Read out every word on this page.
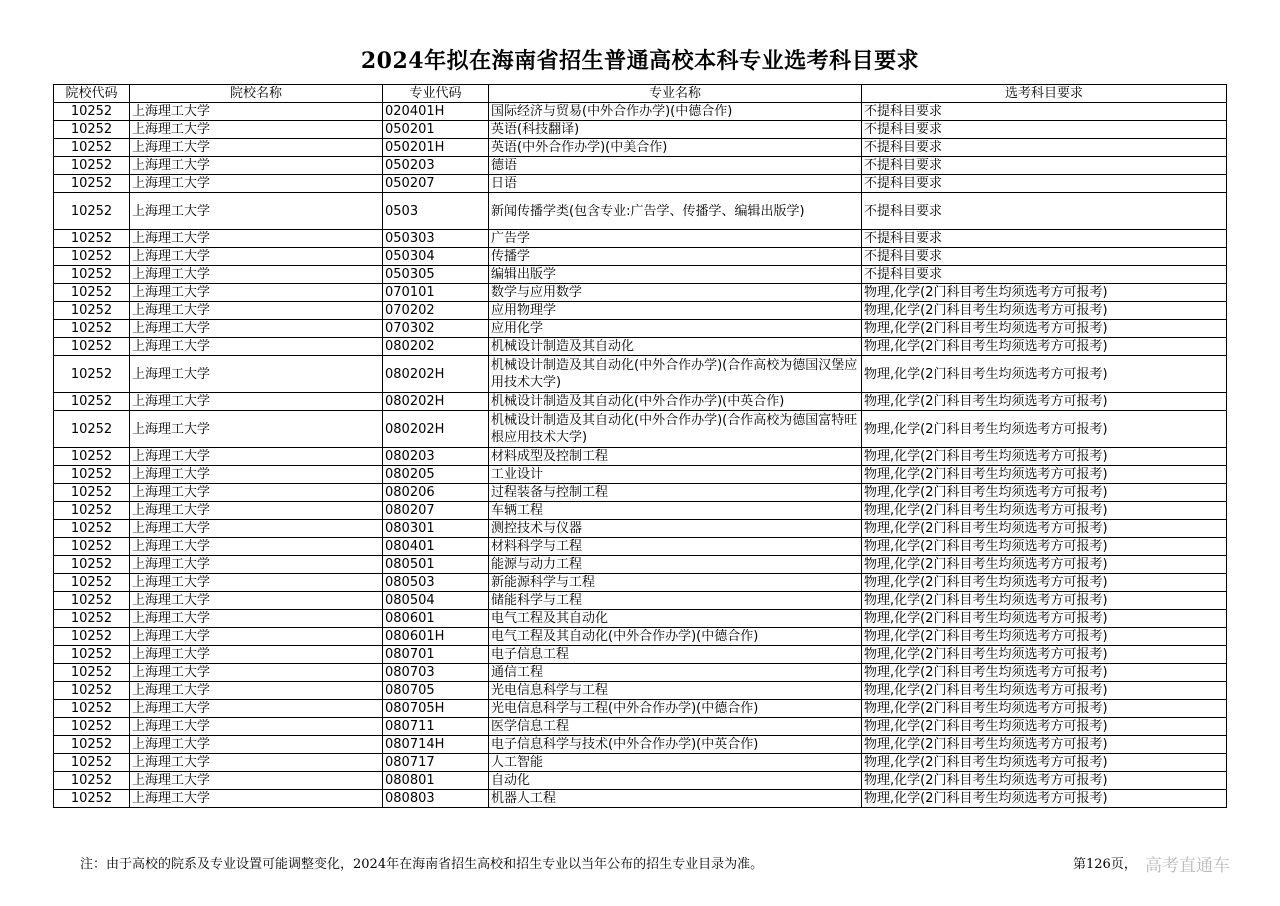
2024年拟在海南省招生普通高校本科专业选考科目要求
院校代码	院校名称	专业代码	专业名称	选考科目要求
10252	上海理工大学	020401H	国际经济与贸易(中外合作办学)(中德合作)	不提科目要求
10252	上海理工大学	050201	英语(科技翻译)	不提科目要求
10252	上海理工大学	050201H	英语(中外合作办学)(中美合作)	不提科目要求
10252	上海理工大学	050203	德语	不提科目要求
10252	上海理工大学	050207	日语	不提科目要求
10252	上海理工大学	0503	新闻传播学类(包含专业:广告学、传播学、编辑出版学)	不提科目要求
10252	上海理工大学	050303	广告学	不提科目要求
10252	上海理工大学	050304	传播学	不提科目要求
10252	上海理工大学	050305	编辑出版学	不提科目要求
10252	上海理工大学	070101	数学与应用数学	物理,化学(2门科目考生均须选考方可报考)
10252	上海理工大学	070202	应用物理学	物理,化学(2门科目考生均须选考方可报考)
10252	上海理工大学	070302	应用化学	物理,化学(2门科目考生均须选考方可报考)
10252	上海理工大学	080202	机械设计制造及其自动化	物理,化学(2门科目考生均须选考方可报考)
10252	上海理工大学	080202H	机械设计制造及其自动化(中外合作办学)(合作高校为德国汉堡应用技术大学)	物理,化学(2门科目考生均须选考方可报考)
10252	上海理工大学	080202H	机械设计制造及其自动化(中外合作办学)(中英合作)	物理,化学(2门科目考生均须选考方可报考)
10252	上海理工大学	080202H	机械设计制造及其自动化(中外合作办学)(合作高校为德国富特旺根应用技术大学)	物理,化学(2门科目考生均须选考方可报考)
10252	上海理工大学	080203	材料成型及控制工程	物理,化学(2门科目考生均须选考方可报考)
10252	上海理工大学	080205	工业设计	物理,化学(2门科目考生均须选考方可报考)
10252	上海理工大学	080206	过程装备与控制工程	物理,化学(2门科目考生均须选考方可报考)
10252	上海理工大学	080207	车辆工程	物理,化学(2门科目考生均须选考方可报考)
10252	上海理工大学	080301	测控技术与仪器	物理,化学(2门科目考生均须选考方可报考)
10252	上海理工大学	080401	材料科学与工程	物理,化学(2门科目考生均须选考方可报考)
10252	上海理工大学	080501	能源与动力工程	物理,化学(2门科目考生均须选考方可报考)
10252	上海理工大学	080503	新能源科学与工程	物理,化学(2门科目考生均须选考方可报考)
10252	上海理工大学	080504	储能科学与工程	物理,化学(2门科目考生均须选考方可报考)
10252	上海理工大学	080601	电气工程及其自动化	物理,化学(2门科目考生均须选考方可报考)
10252	上海理工大学	080601H	电气工程及其自动化(中外合作办学)(中德合作)	物理,化学(2门科目考生均须选考方可报考)
10252	上海理工大学	080701	电子信息工程	物理,化学(2门科目考生均须选考方可报考)
10252	上海理工大学	080703	通信工程	物理,化学(2门科目考生均须选考方可报考)
10252	上海理工大学	080705	光电信息科学与工程	物理,化学(2门科目考生均须选考方可报考)
10252	上海理工大学	080705H	光电信息科学与工程(中外合作办学)(中德合作)	物理,化学(2门科目考生均须选考方可报考)
10252	上海理工大学	080711	医学信息工程	物理,化学(2门科目考生均须选考方可报考)
10252	上海理工大学	080714H	电子信息科学与技术(中外合作办学)(中英合作)	物理,化学(2门科目考生均须选考方可报考)
10252	上海理工大学	080717	人工智能	物理,化学(2门科目考生均须选考方可报考)
10252	上海理工大学	080801	自动化	物理,化学(2门科目考生均须选考方可报考)
10252	上海理工大学	080803	机器人工程	物理,化学(2门科目考生均须选考方可报考)
注：由于高校的院系及专业设置可能调整变化，2024年在海南省招生高校和招生专业以当年公布的招生专业目录为准。	第126页， 高考直通车
